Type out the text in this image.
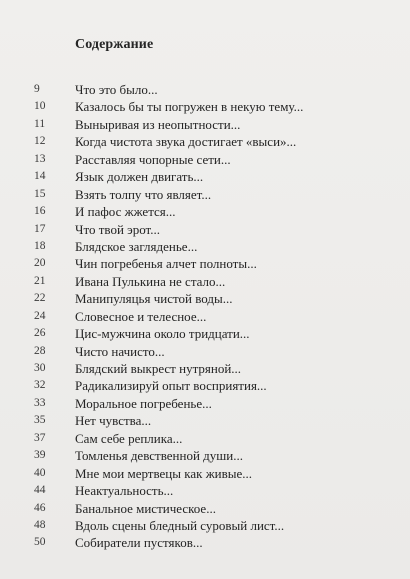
Содержание
9	Что это было...
10	Казалось бы ты погружен в некую тему...
11	Выныривая из неопытности...
12	Когда чистота звука достигает «выси»...
13	Расставляя чопорные сети...
14	Язык должен двигать...
15	Взять толпу что являет...
16	И пафос жжется...
17	Что твой эрот...
18	Блядское загляденье...
20	Чин погребенья алчет полноты...
21	Ивана Пулькина не стало...
22	Манипуляцья чистой воды...
24	Словесное и телесное...
26	Цис-мужчина около тридцати...
28	Чисто начисто...
30	Блядский выкрест нутряной...
32	Радикализируй опыт восприятия...
33	Моральное погребенье...
35	Нет чувства...
37	Сам себе реплика...
39	Томленья девственной души...
40	Мне мои мертвецы как живые...
44	Неактуальность...
46	Банальное мистическое...
48	Вдоль сцены бледный суровый лист...
50	Собиратели пустяков...
